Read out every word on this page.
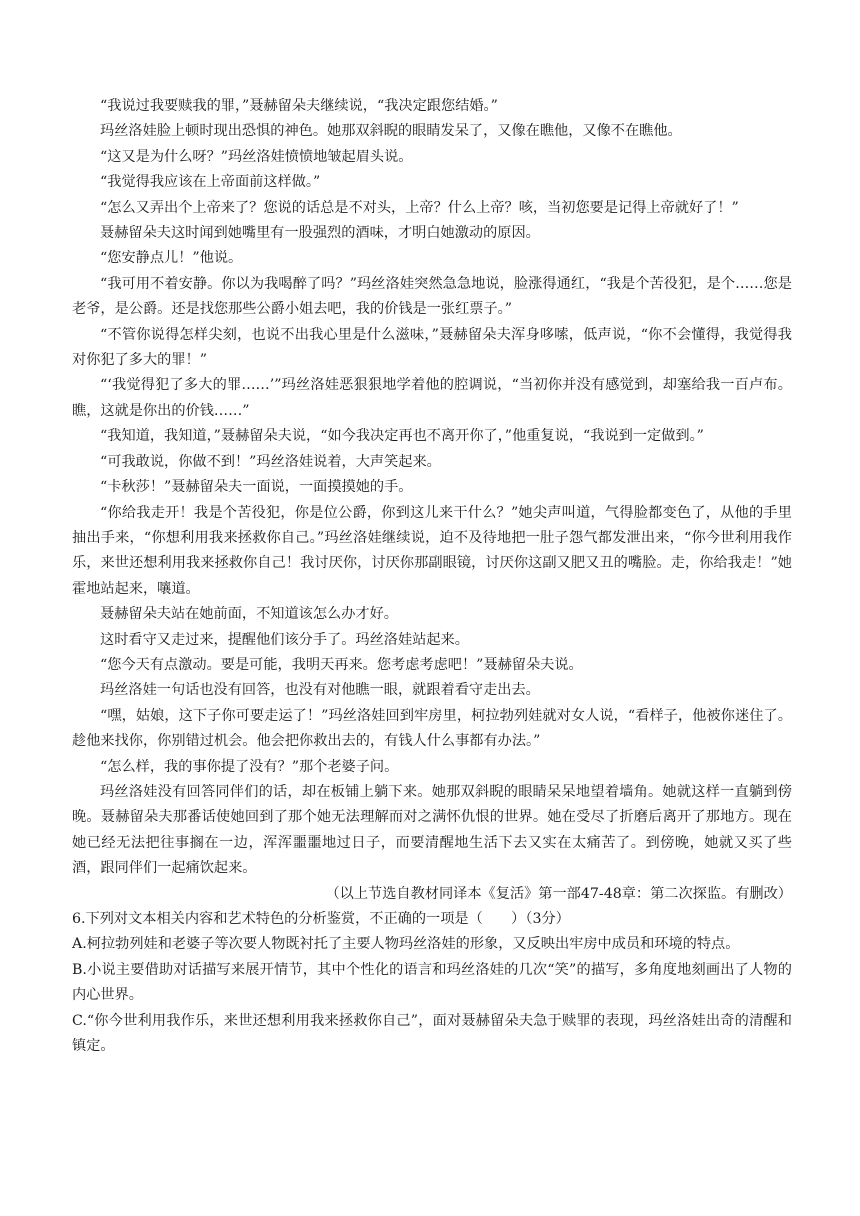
“我说过我要赎我的罪，”聂赫留朵夫继续说，“我决定跟您结婚。”

玛丝洛娃脸上顿时现出恐惧的神色。她那双斜睨的眼睛发呆了，又像在瞧他，又像不在瞧他。

“这又是为什么呀？”玛丝洛娃愤愤地皱起眉头说。

“我觉得我应该在上帝面前这样做。”

“怎么又弄出个上帝来了？您说的话总是不对头，上帝？什么上帝？咳，当初您要是记得上帝就好了！”

聂赫留朵夫这时闻到她嘴里有一股强烈的酒味，才明白她激动的原因。

“您安静点儿！”他说。

“我可用不着安静。你以为我喝醉了吗？”玛丝洛娃突然急急地说，脸涨得通红，“我是个苦役犯，是个……您是老爷，是公爵。还是找您那些公爵小姐去吧，我的价钱是一张红票子。”

“不管你说得怎样尖刻，也说不出我心里是什么滋味，”聂赫留朵夫浑身哆嗦，低声说，“你不会懂得，我觉得我对你犯了多大的罪！”

“‘我觉得犯了多大的罪……’”玛丝洛娃恶狠狠地学着他的腔调说，“当初你并没有感觉到，却塞给我一百卢布。瞧，这就是你出的价钱……”

“我知道，我知道，”聂赫留朵夫说，“如今我决定再也不离开你了，”他重复说，“我说到一定做到。”

“可我敢说，你做不到！”玛丝洛娃说着，大声笑起来。

“卡秋莎！”聂赫留朵夫一面说，一面摸摸她的手。

“你给我走开！我是个苦役犯，你是位公爵，你到这儿来干什么？”她尖声叫道，气得脸都变色了，从他的手里抽出手来，“你想利用我来拯救你自己。”玛丝洛娃继续说，迫不及待地把一肚子怨气都发泄出来，“你今世利用我作乐，来世还想利用我来拯救你自己！我讨厌你，讨厌你那副眼镜，讨厌你这副又肥又丑的嘴脸。走，你给我走！”她霍地站起来，嚷道。

聂赫留朵夫站在她前面，不知道该怎么办才好。

这时看守又走过来，提醒他们该分手了。玛丝洛娃站起来。

“您今天有点激动。要是可能，我明天再来。您考虑考虑吧！”聂赫留朵夫说。

玛丝洛娃一句话也没有回答，也没有对他瞧一眼，就跟着看守走出去。

“嘿，姑娘，这下子你可要走运了！”玛丝洛娃回到牢房里，柯拉勃列娃就对女人说，“看样子，他被你迷住了。趁他来找你，你别错过机会。他会把你救出去的，有钱人什么事都有办法。”

“怎么样，我的事你提了没有？”那个老婆子问。

玛丝洛娃没有回答同伴们的话，却在板铺上躺下来。她那双斜睨的眼睛呆呆地望着墙角。她就这样一直躺到傍晚。聂赫留朵夫那番话使她回到了那个她无法理解而对之满怀仇恨的世界。她在受尽了折磨后离开了那地方。现在她已经无法把往事搁在一边，浑浑噩噩地过日子，而要清醒地生活下去又实在太痛苦了。到傍晚，她就又买了些酒，跟同伴们一起痛饮起来。

（以上节选自教材同译本《复活》第一部47-48章：第二次探监。有删改）

6.下列对文本相关内容和艺术特色的分析鉴赏，不正确的一项是（　　）（3分）

A.柯拉勃列娃和老婆子等次要人物既衬托了主要人物玛丝洛娃的形象，又反映出牢房中成员和环境的特点。

B.小说主要借助对话描写来展开情节，其中个性化的语言和玛丝洛娃的几次“笑”的描写，多角度地刻画出了人物的内心世界。

C.“你今世利用我作乐，来世还想利用我来拯救你自己”，面对聂赫留朵夫急于赎罪的表现，玛丝洛娃出奇的清醒和镇定。
